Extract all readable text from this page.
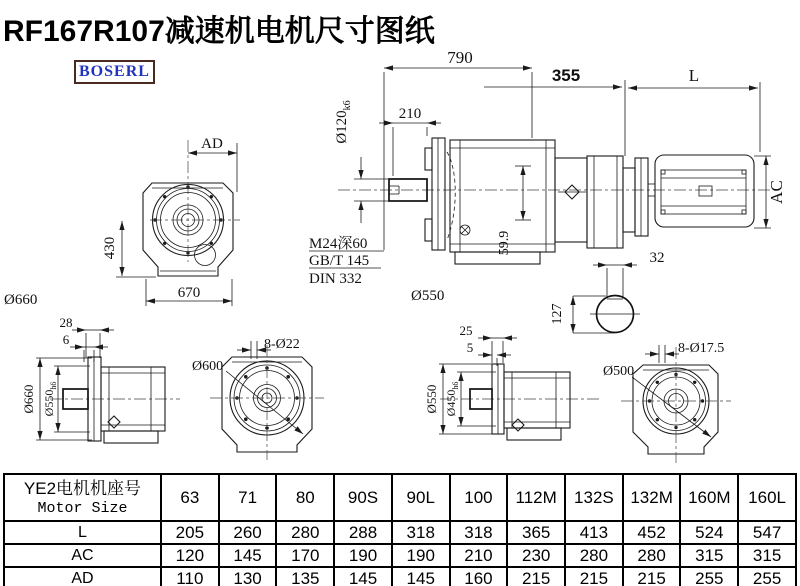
RF167R107减速机电机尺寸图纸
BOSERL
AD
430
670
790
210
$Ø120_{k6}$
M24深60
GB/T 145
DIN 332
59.9
355	L
AC
32
127
Ø550
Ø660
28
6
Ø660 Ø550h6
Ø600
8-Ø22
25
5
Ø550 Ø450h6
Ø500
8-Ø17.5
YE2电机机座号
Motor Size	63	71	80	90S	90L	100	112M	132S	132M	160M	160L
L	205	260	280	288	318	318	365	413	452	524	547
AC	120	145	170	190	190	210	230	280	280	315	315
AD	110	130	135	145	145	160	215	215	215	255	255
